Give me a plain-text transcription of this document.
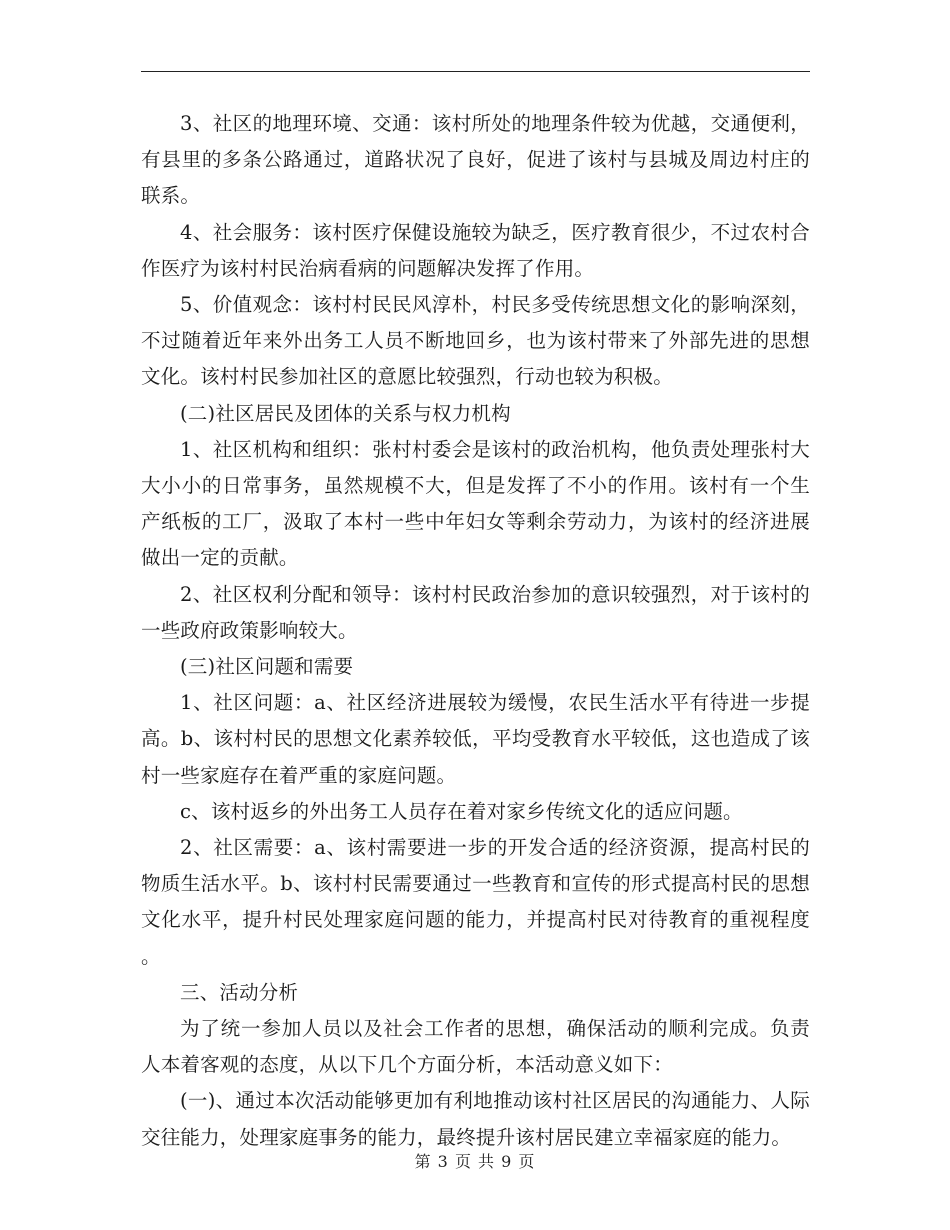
3、社区的地理环境、交通：该村所处的地理条件较为优越，交通便利，有县里的多条公路通过，道路状况了良好，促进了该村与县城及周边村庄的联系。

4、社会服务：该村医疗保健设施较为缺乏，医疗教育很少，不过农村合作医疗为该村村民治病看病的问题解决发挥了作用。

5、价值观念：该村村民民风淳朴，村民多受传统思想文化的影响深刻，不过随着近年来外出务工人员不断地回乡，也为该村带来了外部先进的思想文化。该村村民参加社区的意愿比较强烈，行动也较为积极。

(二)社区居民及团体的关系与权力机构

1、社区机构和组织：张村村委会是该村的政治机构，他负责处理张村大大小小的日常事务，虽然规模不大，但是发挥了不小的作用。该村有一个生产纸板的工厂，汲取了本村一些中年妇女等剩余劳动力，为该村的经济进展做出一定的贡献。

2、社区权利分配和领导：该村村民政治参加的意识较强烈，对于该村的一些政府政策影响较大。

(三)社区问题和需要

1、社区问题：a、社区经济进展较为缓慢，农民生活水平有待进一步提高。b、该村村民的思想文化素养较低，平均受教育水平较低，这也造成了该村一些家庭存在着严重的家庭问题。

c、该村返乡的外出务工人员存在着对家乡传统文化的适应问题。

2、社区需要：a、该村需要进一步的开发合适的经济资源，提高村民的物质生活水平。b、该村村民需要通过一些教育和宣传的形式提高村民的思想文化水平，提升村民处理家庭问题的能力，并提高村民对待教育的重视程度。

三、活动分析

为了统一参加人员以及社会工作者的思想，确保活动的顺利完成。负责人本着客观的态度，从以下几个方面分析，本活动意义如下：

(一)、通过本次活动能够更加有利地推动该村社区居民的沟通能力、人际交往能力，处理家庭事务的能力，最终提升该村居民建立幸福家庭的能力。

第 3 页 共 9 页
